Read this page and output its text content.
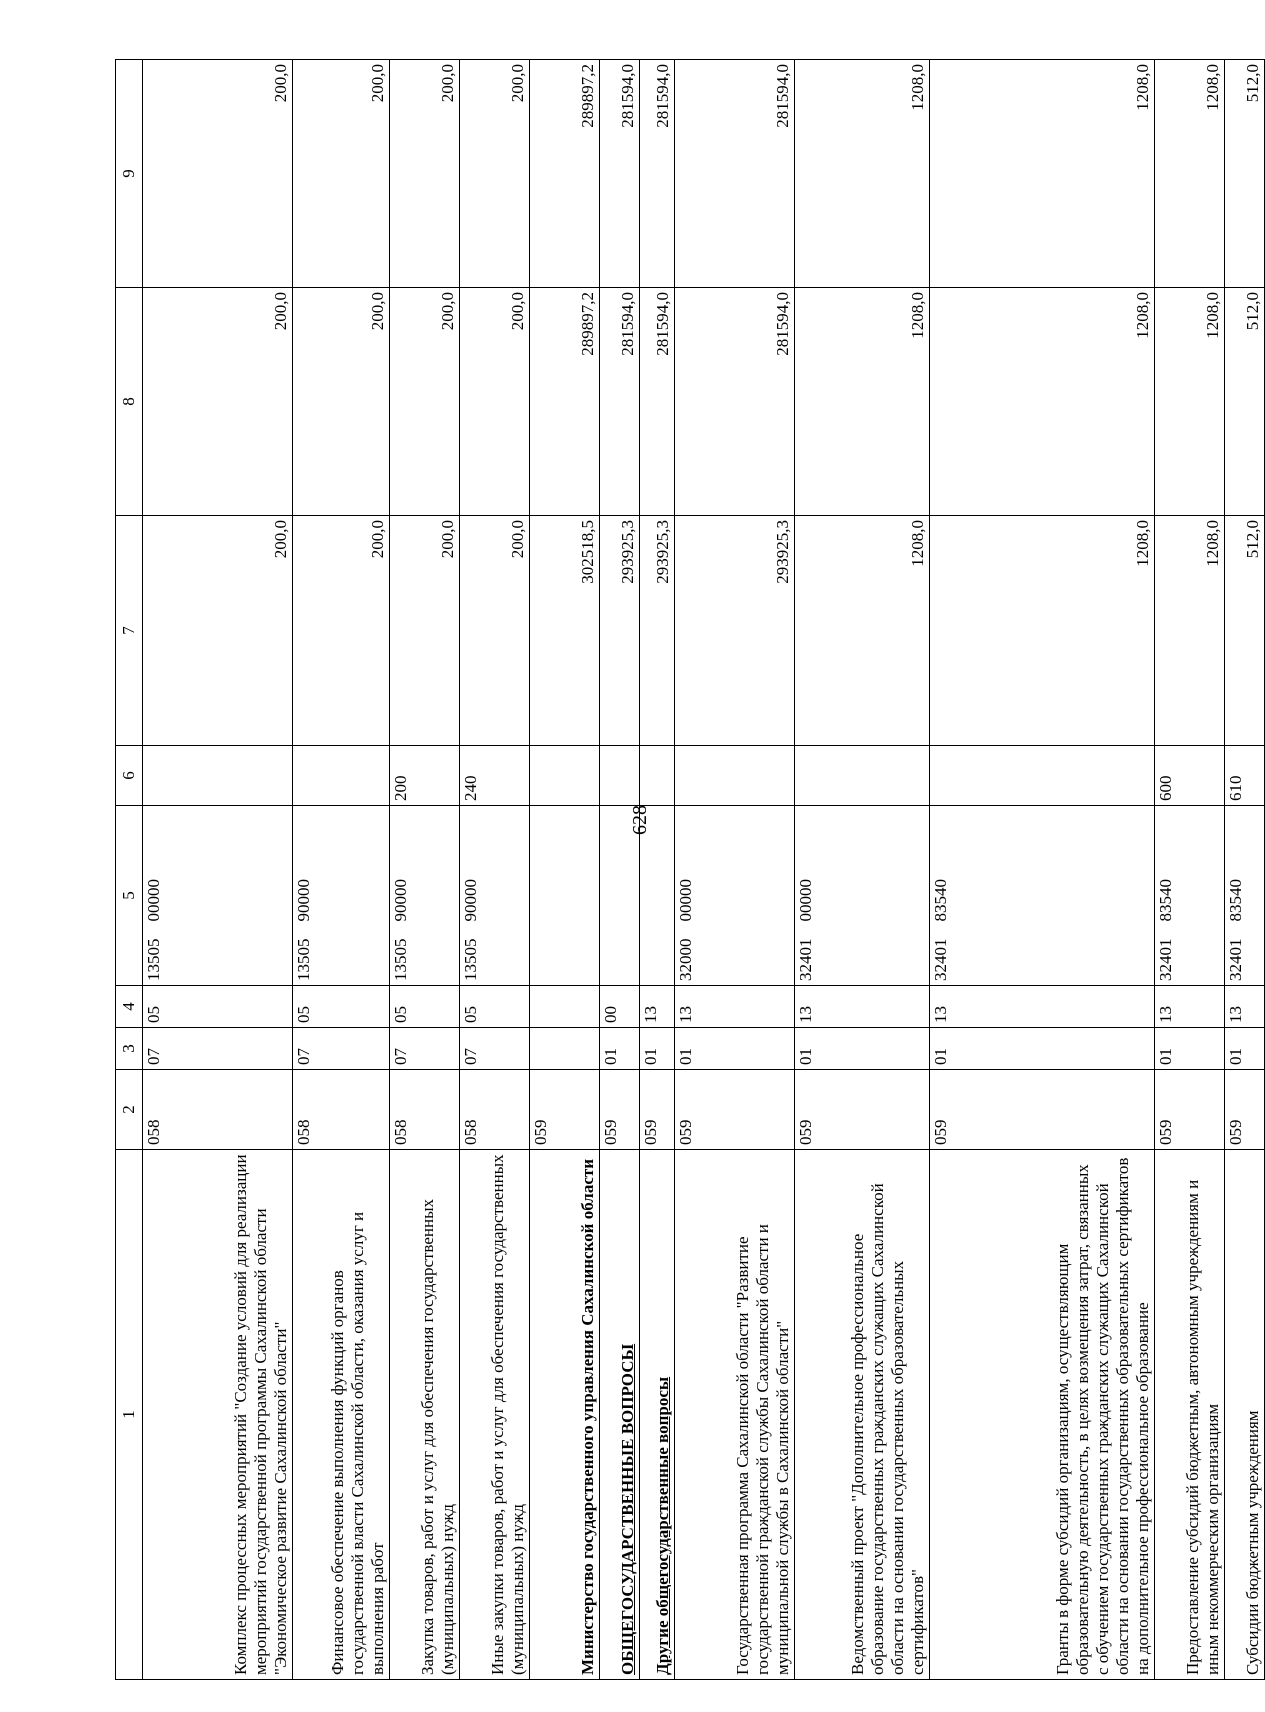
628
1	2	3	4	5	6	7	8	9
Комплекс процессных мероприятий "Создание условий для реализации мероприятий государственной программы Сахалинской области "Экономическое развитие Сахалинской области"	058	07	05	13505    00000		200,0	200,0	200,0
Финансовое обеспечение выполнения функций органов государственной власти Сахалинской области, оказания услуг и выполнения работ	058	07	05	13505    90000		200,0	200,0	200,0
Закупка товаров, работ и услуг для обеспечения государственных (муниципальных) нужд	058	07	05	13505    90000	200	200,0	200,0	200,0
Иные закупки товаров, работ и услуг для обеспечения государственных (муниципальных) нужд	058	07	05	13505    90000	240	200,0	200,0	200,0
Министерство государственного управления Сахалинской области	059					302518,5	289897,2	289897,2
ОБЩЕГОСУДАРСТВЕННЫЕ ВОПРОСЫ	059	01	00			293925,3	281594,0	281594,0
Другие общегосударственные вопросы	059	01	13			293925,3	281594,0	281594,0
Государственная программа Сахалинской области "Развитие государственной гражданской службы Сахалинской области и муниципальной службы в Сахалинской области"	059	01	13	32000    00000		293925,3	281594,0	281594,0
Ведомственный проект "Дополнительное профессиональное образование государственных гражданских служащих Сахалинской области на основании государственных образовательных сертификатов"	059	01	13	32401    00000		1208,0	1208,0	1208,0
Гранты в форме субсидий организациям, осуществляющим образовательную деятельность, в целях возмещения затрат, связанных с обучением государственных гражданских служащих Сахалинской области на основании государственных образовательных сертификатов на дополнительное профессиональное образование	059	01	13	32401    83540		1208,0	1208,0	1208,0
Предоставление субсидий бюджетным, автономным учреждениям и иным некоммерческим организациям	059	01	13	32401    83540	600	1208,0	1208,0	1208,0
Субсидии бюджетным учреждениям	059	01	13	32401    83540	610	512,0	512,0	512,0
